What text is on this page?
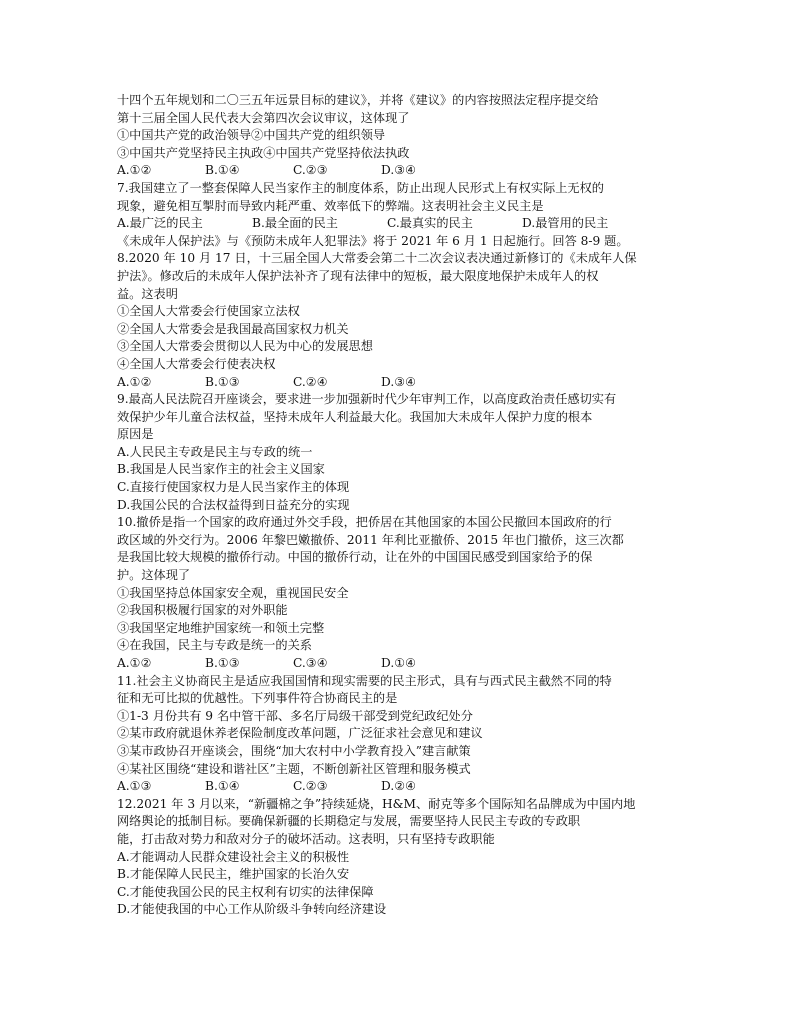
十四个五年规划和二〇三五年远景目标的建议》，并将《建议》的内容按照法定程序提交给
第十三届全国人民代表大会第四次会议审议，这体现了
①中国共产党的政治领导②中国共产党的组织领导
③中国共产党坚持民主执政④中国共产党坚持依法执政
A.①②	B.①④	C.②③	D.③④
7.我国建立了一整套保障人民当家作主的制度体系，防止出现人民形式上有权实际上无权的
现象，避免相互掣肘而导致内耗严重、效率低下的弊端。这表明社会主义民主是
A.最广泛的民主	B.最全面的民主	C.最真实的民主	D.最管用的民主
《未成年人保护法》与《预防未成年人犯罪法》将于 2021 年 6 月 1 日起施行。回答 8-9 题。
8.2020 年 10 月 17 日，十三届全国人大常委会第二十二次会议表决通过新修订的《未成年人保
护法》。修改后的未成年人保护法补齐了现有法律中的短板，最大限度地保护未成年人的权
益。这表明
①全国人大常委会行使国家立法权
②全国人大常委会是我国最高国家权力机关
③全国人大常委会贯彻以人民为中心的发展思想
④全国人大常委会行使表决权
A.①②	B.①③	C.②④	D.③④
9.最高人民法院召开座谈会，要求进一步加强新时代少年审判工作，以高度政治责任感切实有
效保护少年儿童合法权益，坚持未成年人利益最大化。我国加大未成年人保护力度的根本
原因是
A.人民民主专政是民主与专政的统一
B.我国是人民当家作主的社会主义国家
C.直接行使国家权力是人民当家作主的体现
D.我国公民的合法权益得到日益充分的实现
10.撤侨是指一个国家的政府通过外交手段，把侨居在其他国家的本国公民撤回本国政府的行
政区域的外交行为。2006 年黎巴嫩撤侨、2011 年利比亚撤侨、2015 年也门撤侨，这三次都
是我国比较大规模的撤侨行动。中国的撤侨行动，让在外的中国国民感受到国家给予的保
护。这体现了
①我国坚持总体国家安全观，重视国民安全
②我国积极履行国家的对外职能
③我国坚定地维护国家统一和领土完整
④在我国，民主与专政是统一的关系
A.①②	B.①③	C.③④	D.①④
11.社会主义协商民主是适应我国国情和现实需要的民主形式，具有与西式民主截然不同的特
征和无可比拟的优越性。下列事件符合协商民主的是
①1-3 月份共有 9 名中管干部、多名厅局级干部受到党纪政纪处分
②某市政府就退休养老保险制度改革问题，广泛征求社会意见和建议
③某市政协召开座谈会，围绕“加大农村中小学教育投入”建言献策
④某社区围绕“建设和谐社区”主题，不断创新社区管理和服务模式
A.①③	B.①④	C.②③	D.②④
12.2021 年 3 月以来，“新疆棉之争”持续延烧，H&M、耐克等多个国际知名品牌成为中国内地
网络舆论的抵制目标。要确保新疆的长期稳定与发展，需要坚持人民民主专政的专政职
能，打击敌对势力和敌对分子的破坏活动。这表明，只有坚持专政职能
A.才能调动人民群众建设社会主义的积极性
B.才能保障人民民主，维护国家的长治久安
C.才能使我国公民的民主权利有切实的法律保障
D.才能使我国的中心工作从阶级斗争转向经济建设
